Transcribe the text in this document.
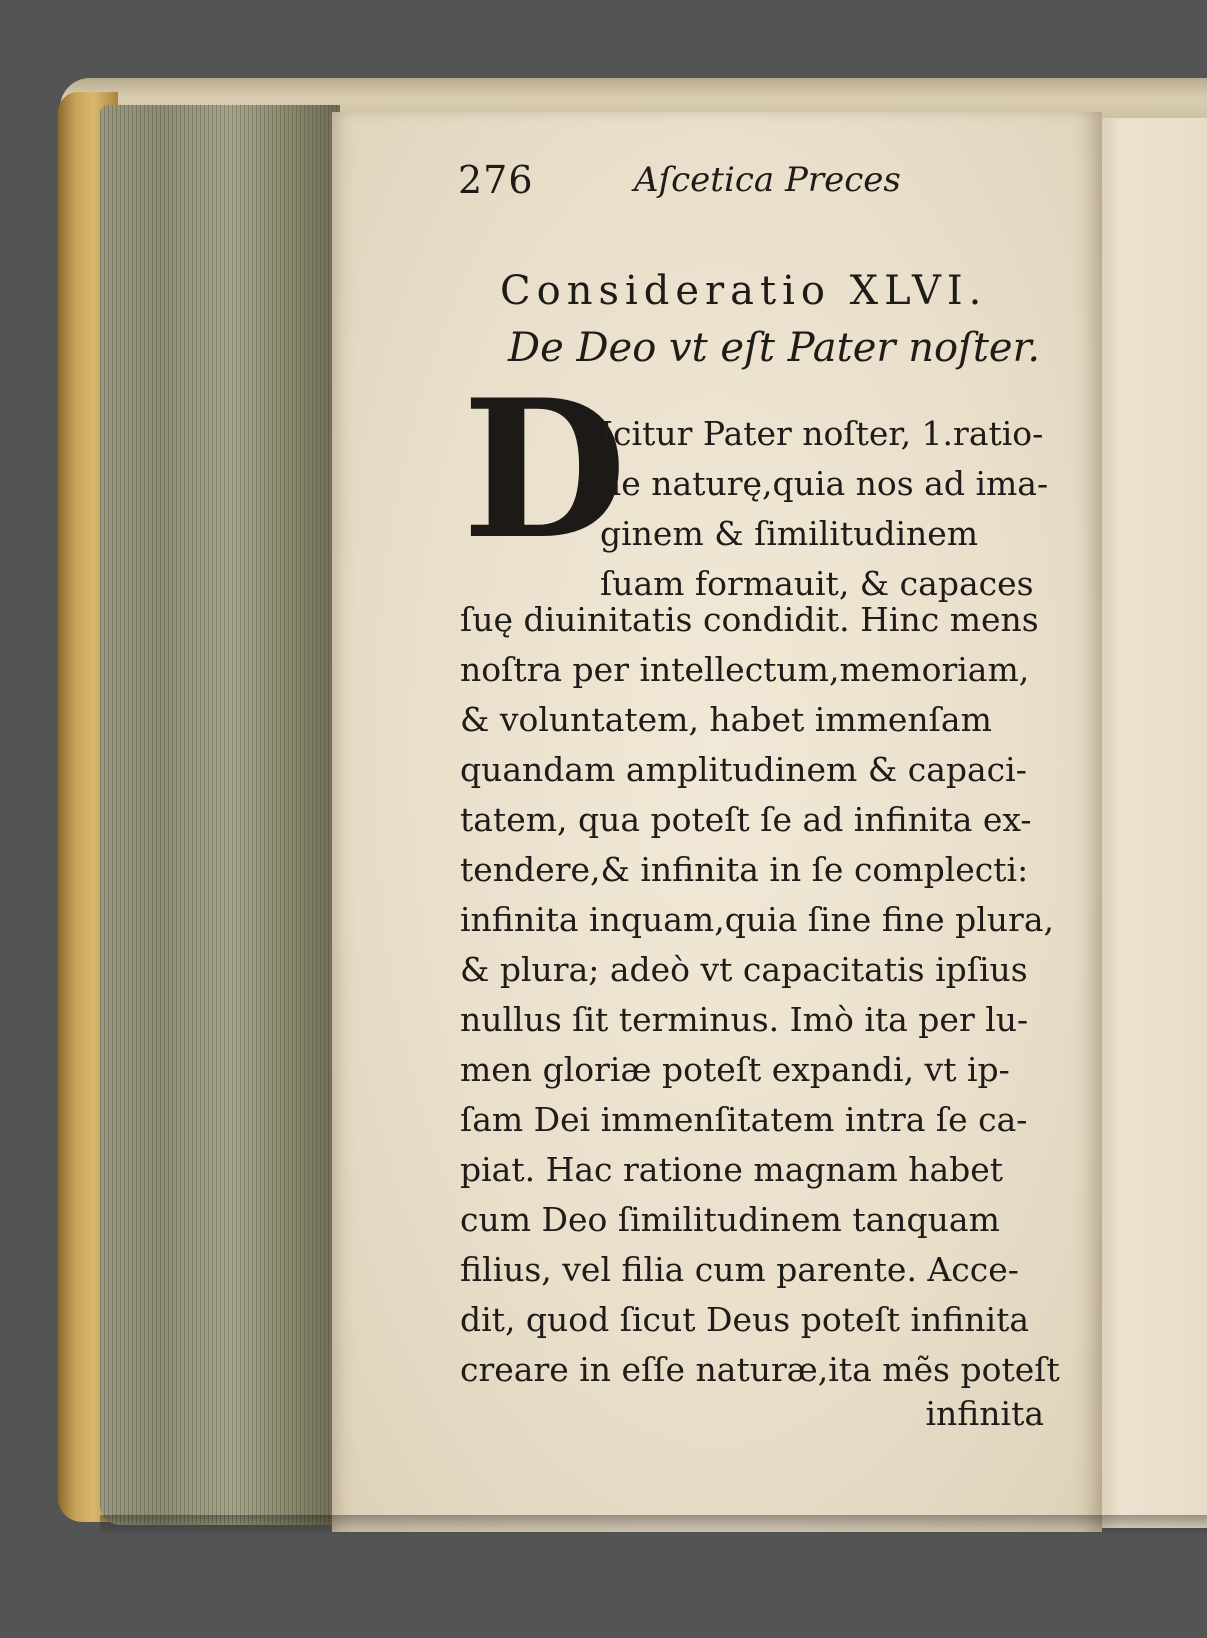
276	Aſcetica Preces
Consideratio XLVI.
De Deo vt eſt Pater noſter.
D
Icitur Pater noſter, 1.ratio-
ne naturę,quia nos ad ima-
ginem & ſimilitudinem
ſuam formauit, & capaces
ſuę diuinitatis condidit. Hinc mens
noſtra per intellectum,memoriam,
& voluntatem, habet immenſam
quandam amplitudinem & capaci-
tatem, qua poteſt ſe ad infinita ex-
tendere,& infinita in ſe complecti:
infinita inquam,quia ſine fine plura,
& plura; adeò vt capacitatis ipſius
nullus ſit terminus. Imò ita per lu-
men gloriæ poteſt expandi, vt ip-
ſam Dei immenſitatem intra ſe ca-
piat. Hac ratione magnam habet
cum Deo ſimilitudinem tanquam
filius, vel filia cum parente. Acce-
dit, quod ſicut Deus poteſt infinita
creare in eſſe naturæ,ita mẽs poteſt
infinita
